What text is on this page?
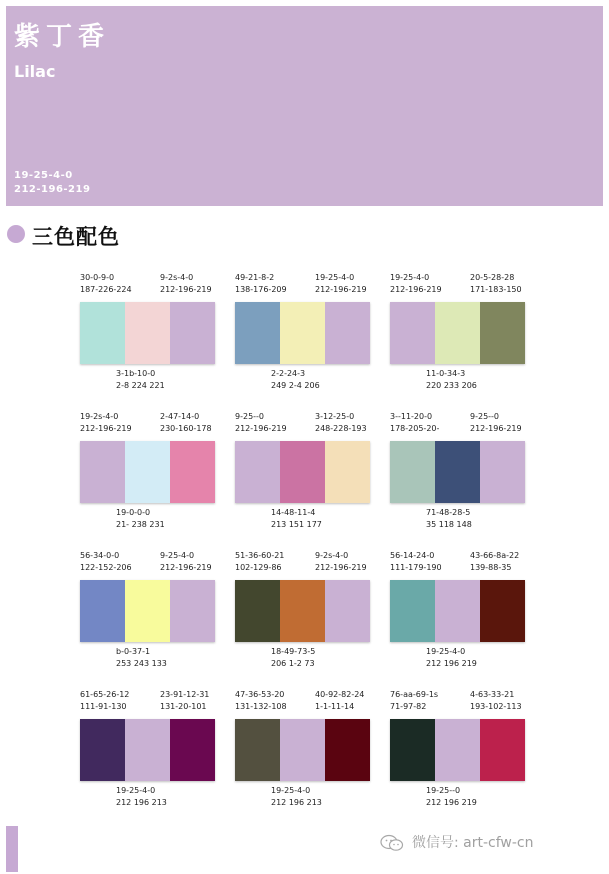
紫丁香
Lilac
19-25-4-0
212-196-219
三色配色
30-0-9-0
187-226-224
9-2s-4-0
212-196-219
3-1b-10-0
2-8 224 221
49-21-8-2
138-176-209
19-25-4-0
212-196-219
2-2-24-3
249 2-4 206
19-25-4-0
212-196-219
20-5-28-28
171-183-150
11-0-34-3
220 233 206
19-2s-4-0
212-196-219
2-47-14-0
230-160-178
19-0-0-0
21- 238 231
9-25--0
212-196-219
3-12-25-0
248-228-193
14-48-11-4
213 151 177
3--11-20-0
178-205-20-
9-25--0
212-196-219
71-48-28-5
35 118 148
56-34-0-0
122-152-206
9-25-4-0
212-196-219
b-0-37-1
253 243 133
51-36-60-21
102-129-86
9-2s-4-0
212-196-219
18-49-73-5
206 1-2 73
56-14-24-0
111-179-190
43-66-8a-22
139-88-35
19-25-4-0
212 196 219
61-65-26-12
111-91-130
23-91-12-31
131-20-101
19-25-4-0
212 196 213
47-36-53-20
131-132-108
40-92-82-24
1-1-11-14
19-25-4-0
212 196 213
76-aa-69-1s
71-97-82
4-63-33-21
193-102-113
19-25--0
212 196 219
微信号: art-cfw-cn
